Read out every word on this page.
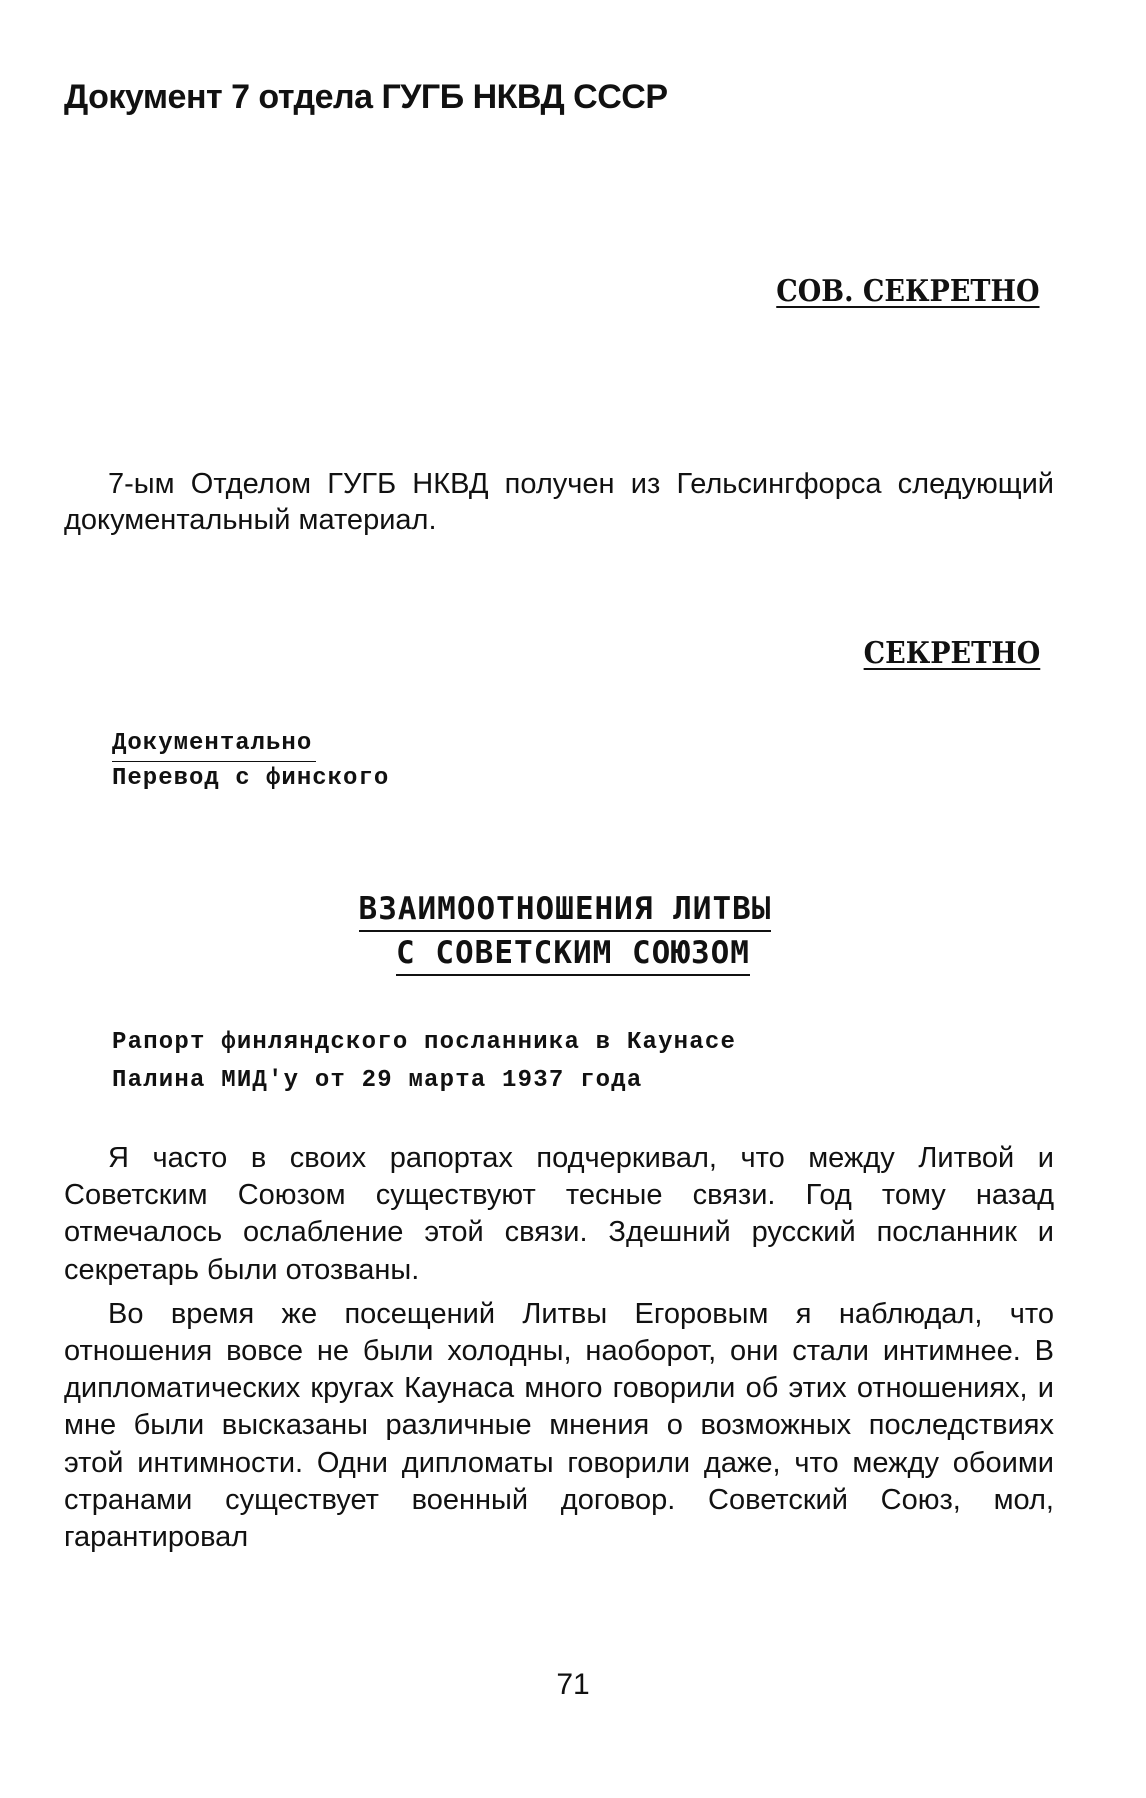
Документ 7 отдела ГУГБ НКВД СССР
СОВ. СЕКРЕТНО

7-ым Отделом ГУГБ НКВД получен из Гельсингфорса следующий документальный материал.

СЕКРЕТНО
Документально
Перевод с финского
ВЗАИМООТНОШЕНИЯ ЛИТВЫ
С СОВЕТСКИМ СОЮЗОМ
Рапорт финляндского посланника в Каунасе
Палина МИД'у от 29 марта 1937 года

Я часто в своих рапортах подчеркивал, что между Литвой и Советским Союзом существуют тесные связи. Год тому назад отмечалось ослабление этой связи. Здешний русский посланник и секретарь были отозваны.

Во время же посещений Литвы Егоровым я наблюдал, что отношения вовсе не были холодны, наоборот, они стали интимнее. В дипломатических кругах Каунаса много говорили об этих отношениях, и мне были высказаны различные мнения о возможных последствиях этой интимности. Одни дипломаты говорили даже, что между обоими странами существует военный договор. Советский Союз, мол, гарантировал

71
